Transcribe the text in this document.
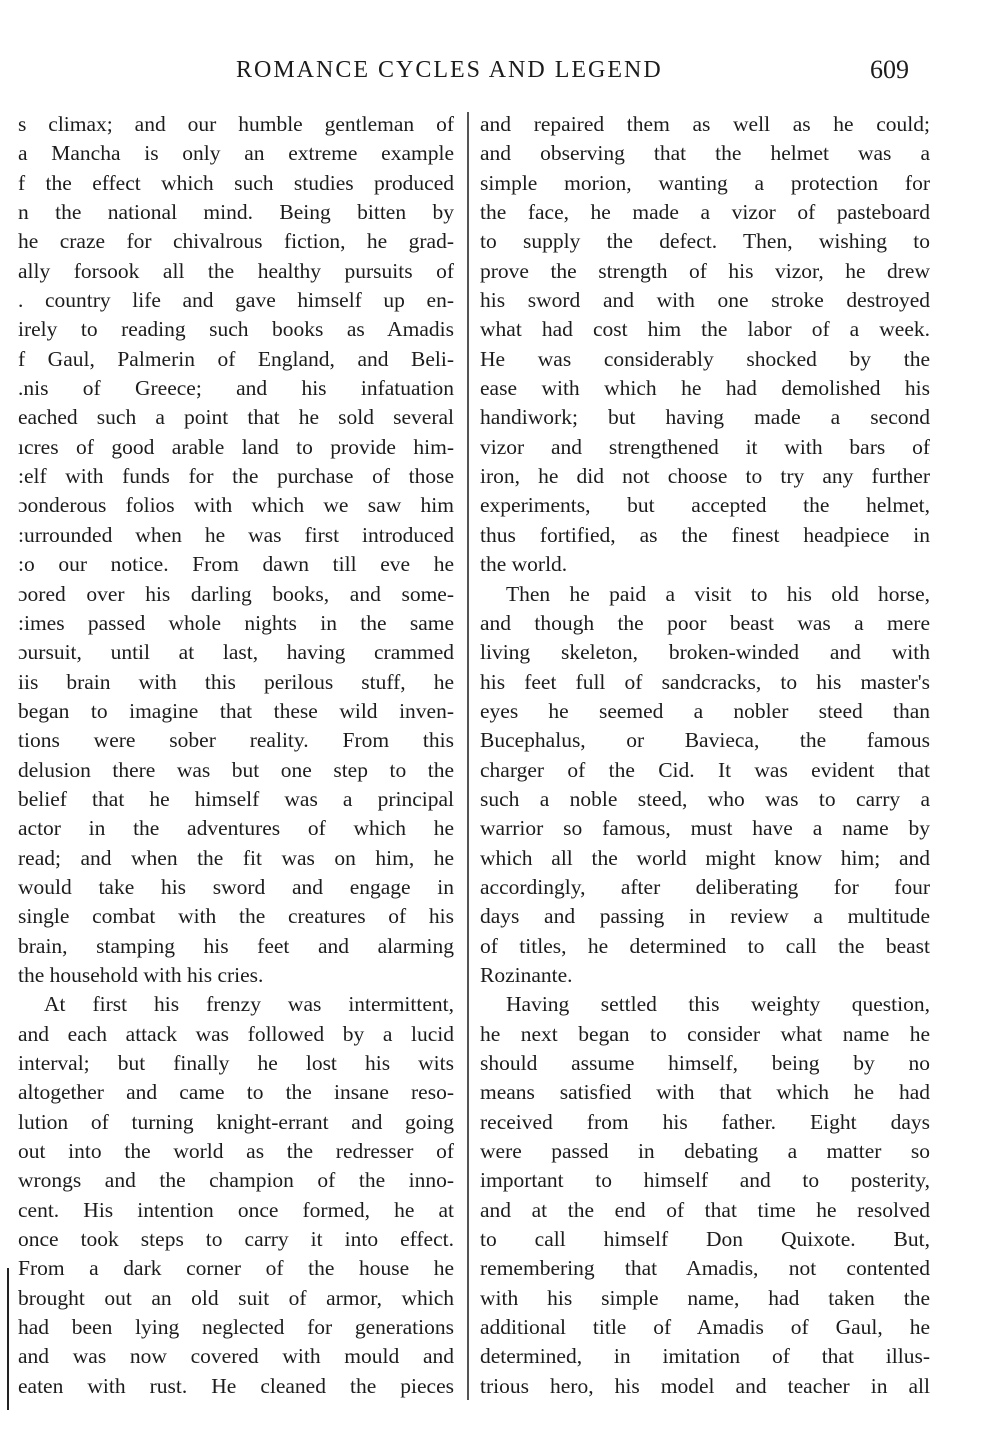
ROMANCE CYCLES AND LEGEND	609
s climax; and our humble gentleman of
a Mancha is only an extreme example
f the effect which such studies produced
n the national mind. Being bitten by
he craze for chivalrous fiction, he grad-
ally forsook all the healthy pursuits of
. country life and gave himself up en-
irely to reading such books as Amadis
f Gaul, Palmerin of England, and Beli-
.nis of Greece; and his infatuation
eached such a point that he sold several
ıcres of good arable land to provide him-
:elf with funds for the purchase of those
ɔonderous folios with which we saw him
:urrounded when he was first introduced
:o our notice. From dawn till eve he
ɔored over his darling books, and some-
:imes passed whole nights in the same
ɔursuit, until at last, having crammed
iis brain with this perilous stuff, he
began to imagine that these wild inven-
tions were sober reality. From this
delusion there was but one step to the
belief that he himself was a principal
actor in the adventures of which he
read; and when the fit was on him, he
would take his sword and engage in
single combat with the creatures of his
brain, stamping his feet and alarming
the household with his cries.
At first his frenzy was intermittent,
and each attack was followed by a lucid
interval; but finally he lost his wits
altogether and came to the insane reso-
lution of turning knight-errant and going
out into the world as the redresser of
wrongs and the champion of the inno-
cent. His intention once formed, he at
once took steps to carry it into effect.
From a dark corner of the house he
brought out an old suit of armor, which
had been lying neglected for generations
and was now covered with mould and
eaten with rust. He cleaned the pieces
and repaired them as well as he could;
and observing that the helmet was a
simple morion, wanting a protection for
the face, he made a vizor of pasteboard
to supply the defect. Then, wishing to
prove the strength of his vizor, he drew
his sword and with one stroke destroyed
what had cost him the labor of a week.
He was considerably shocked by the
ease with which he had demolished his
handiwork; but having made a second
vizor and strengthened it with bars of
iron, he did not choose to try any further
experiments, but accepted the helmet,
thus fortified, as the finest headpiece in
the world.
Then he paid a visit to his old horse,
and though the poor beast was a mere
living skeleton, broken-winded and with
his feet full of sandcracks, to his master's
eyes he seemed a nobler steed than
Bucephalus, or Bavieca, the famous
charger of the Cid. It was evident that
such a noble steed, who was to carry a
warrior so famous, must have a name by
which all the world might know him; and
accordingly, after deliberating for four
days and passing in review a multitude
of titles, he determined to call the beast
Rozinante.
Having settled this weighty question,
he next began to consider what name he
should assume himself, being by no
means satisfied with that which he had
received from his father. Eight days
were passed in debating a matter so
important to himself and to posterity,
and at the end of that time he resolved
to call himself Don Quixote. But,
remembering that Amadis, not contented
with his simple name, had taken the
additional title of Amadis of Gaul, he
determined, in imitation of that illus-
trious hero, his model and teacher in all
